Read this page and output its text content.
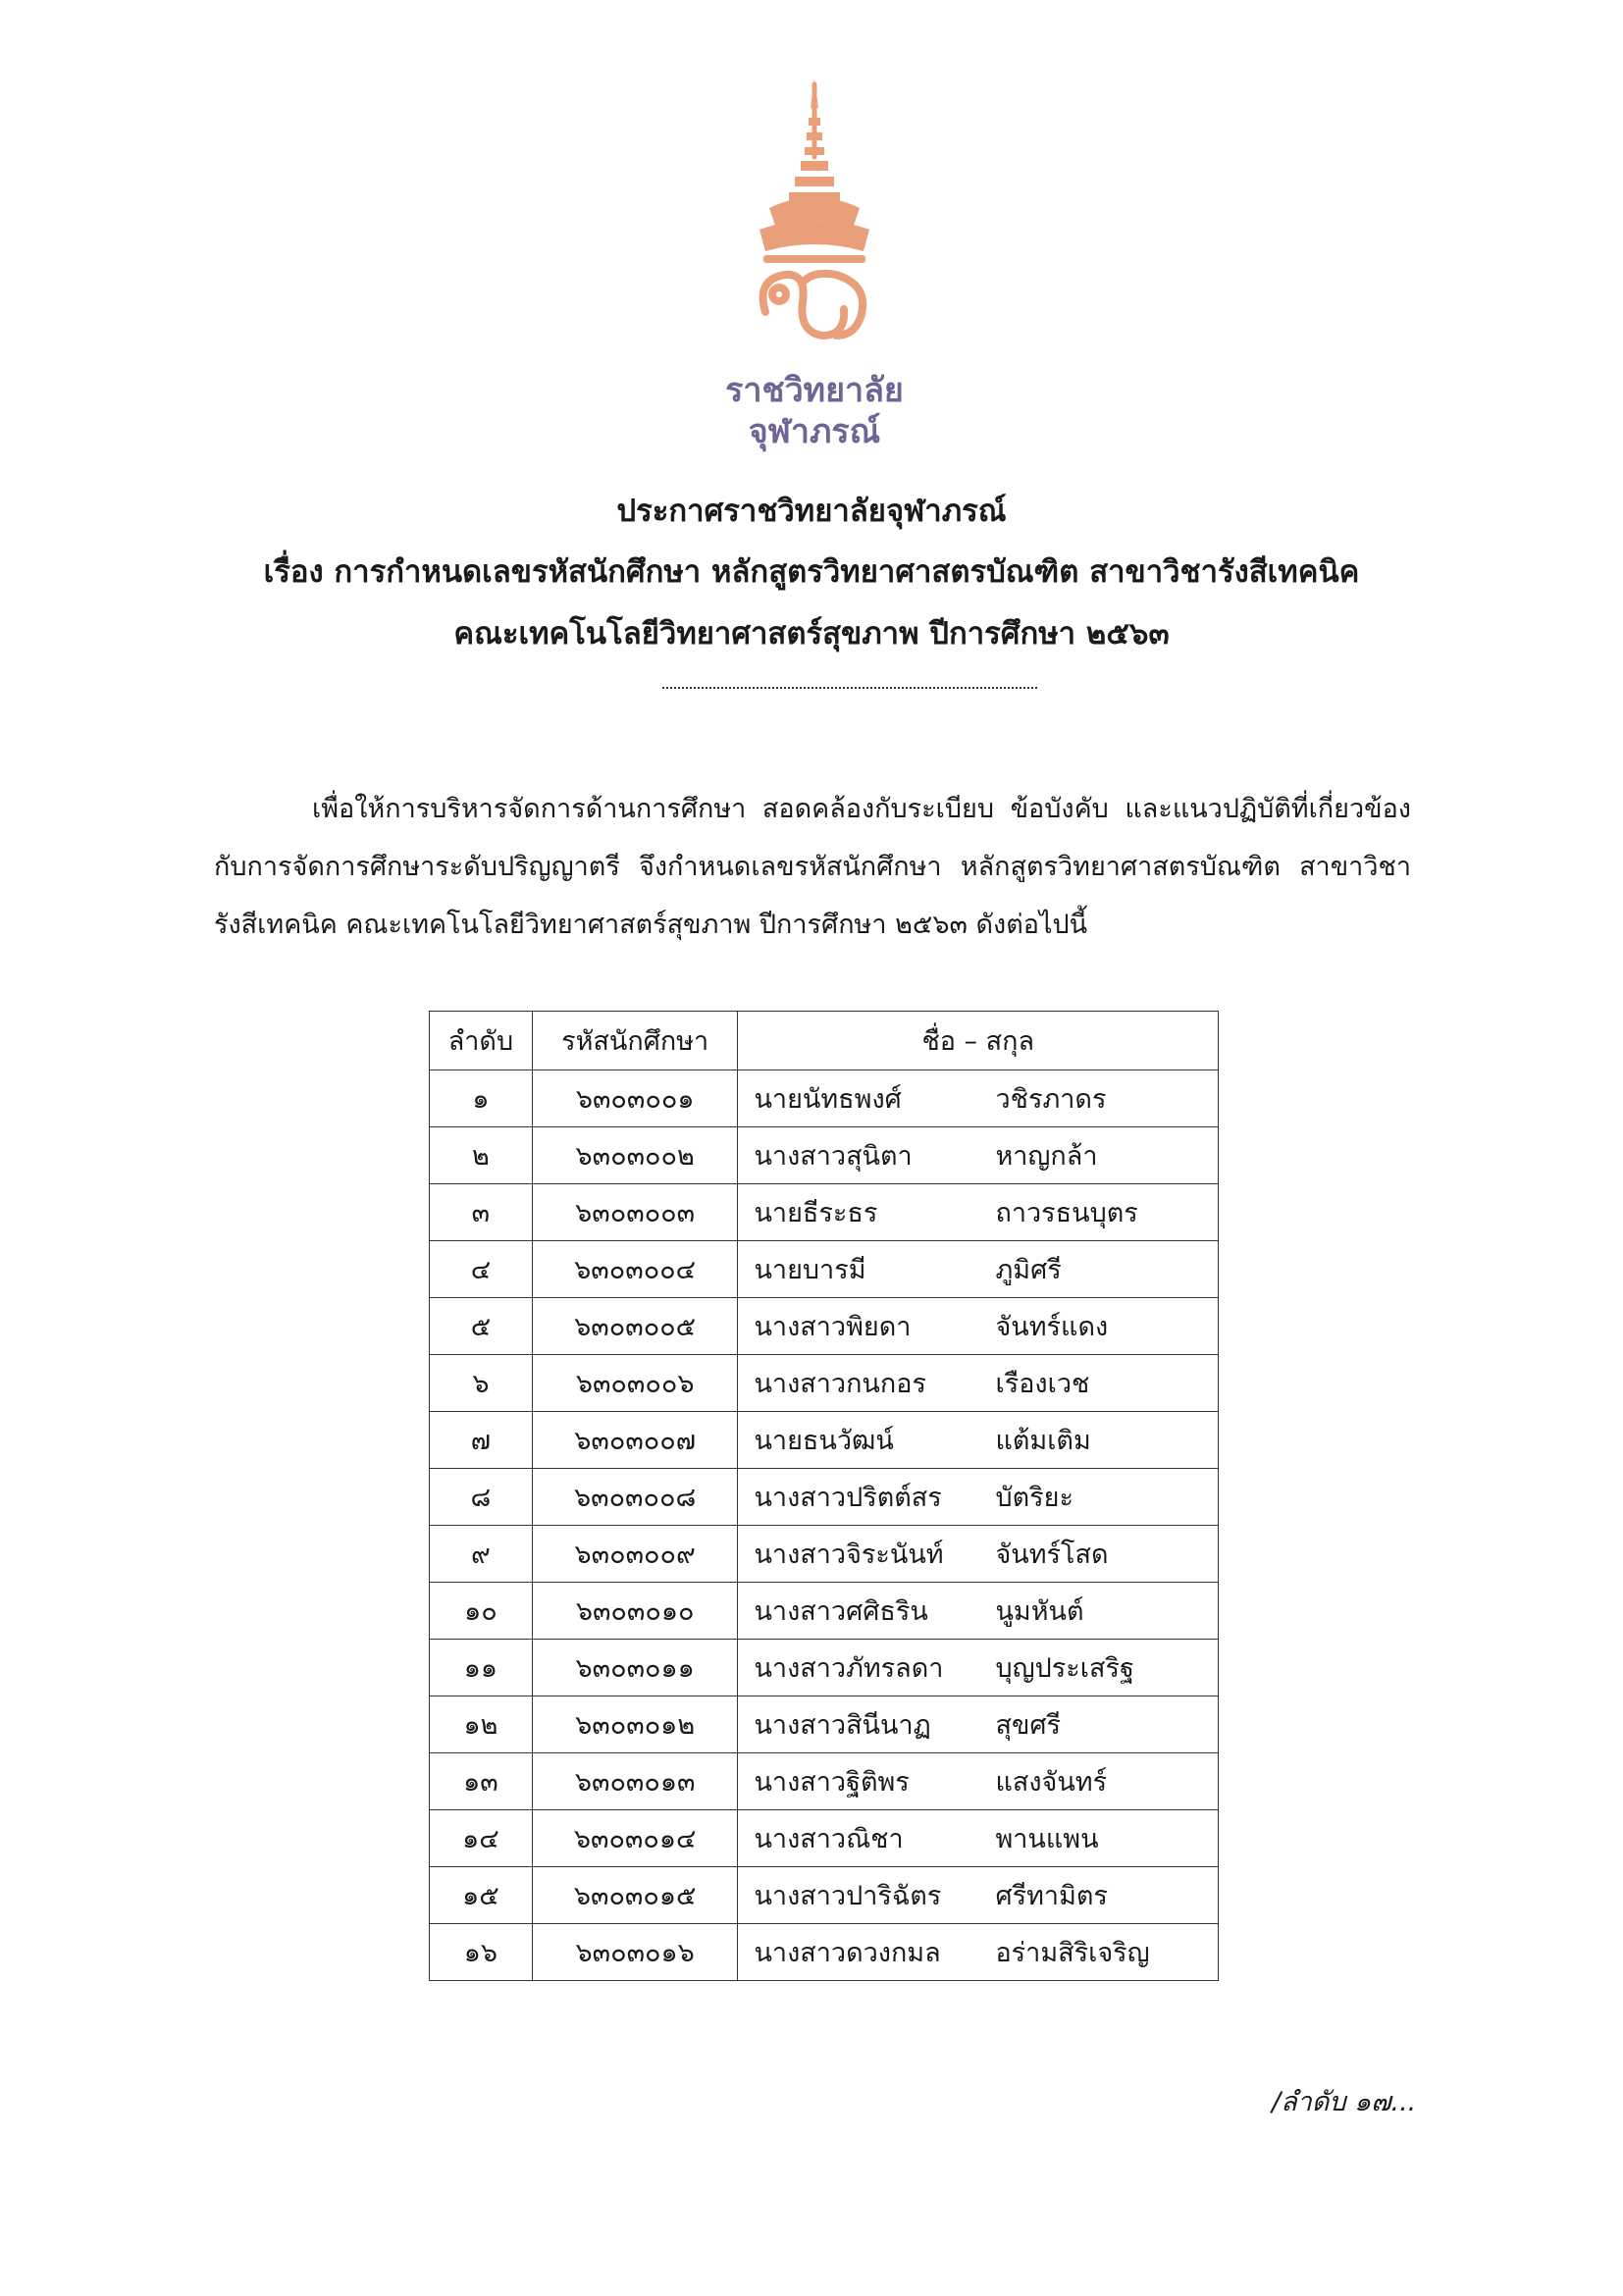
ราชวิทยาลัย
จุฬาภรณ์
ประกาศราชวิทยาลัยจุฬาภรณ์
เรื่อง การกำหนดเลขรหัสนักศึกษา หลักสูตรวิทยาศาสตรบัณฑิต สาขาวิชารังสีเทคนิค
คณะเทคโนโลยีวิทยาศาสตร์สุขภาพ ปีการศึกษา ๒๕๖๓
เพื่อให้การบริหารจัดการด้านการศึกษา สอดคล้องกับระเบียบ ข้อบังคับ และแนวปฏิบัติที่เกี่ยวข้องกับการจัดการศึกษาระดับปริญญาตรี จึงกำหนดเลขรหัสนักศึกษา หลักสูตรวิทยาศาสตรบัณฑิต สาขาวิชารังสีเทคนิค คณะเทคโนโลยีวิทยาศาสตร์สุขภาพ ปีการศึกษา ๒๕๖๓ ดังต่อไปนี้
ลำดับ	รหัสนักศึกษา	ชื่อ – สกุล
๑	๖๓๐๓๐๐๑	นายนัทธพงศ์ วชิรภาดร

๒	๖๓๐๓๐๐๒	นางสาวสุนิตา หาญกล้า

๓	๖๓๐๓๐๐๓	นายธีระธร ถาวรธนบุตร

๔	๖๓๐๓๐๐๔	นายบารมี ภูมิศรี

๕	๖๓๐๓๐๐๕	นางสาวพิยดา จันทร์แดง

๖	๖๓๐๓๐๐๖	นางสาวกนกอร เรืองเวช

๗	๖๓๐๓๐๐๗	นายธนวัฒน์ แต้มเติม

๘	๖๓๐๓๐๐๘	นางสาวปริตต์สร บัตริยะ

๙	๖๓๐๓๐๐๙	นางสาวจิระนันท์ จันทร์โสด

๑๐	๖๓๐๓๐๑๐	นางสาวศศิธริน นูมหันต์

๑๑	๖๓๐๓๐๑๑	นางสาวภัทรลดา บุญประเสริฐ

๑๒	๖๓๐๓๐๑๒	นางสาวสินีนาฏ สุขศรี

๑๓	๖๓๐๓๐๑๓	นางสาวฐิติพร แสงจันทร์

๑๔	๖๓๐๓๐๑๔	นางสาวณิชา พานแพน

๑๕	๖๓๐๓๐๑๕	นางสาวปาริฉัตร ศรีทามิตร

๑๖	๖๓๐๓๐๑๖	นางสาวดวงกมล อร่ามสิริเจริญ
/ลำดับ ๑๗...
